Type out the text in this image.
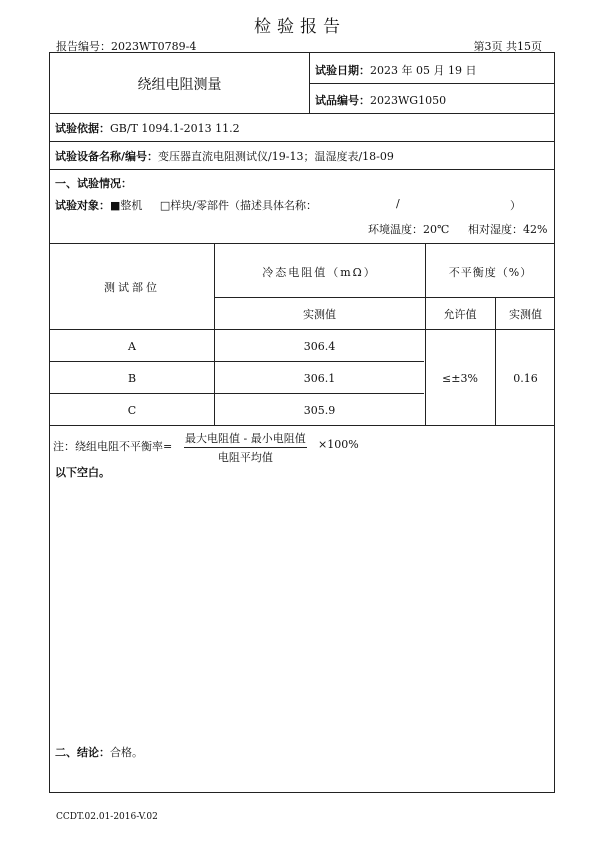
检验报告
报告编号：2023WT0789-4	第3页 共15页
绕组电阻测量
试验日期：2023 年 05 月 19 日
试品编号：2023WG1050
试验依据：GB/T 1094.1-2013 11.2
试验设备名称/编号：变压器直流电阻测试仪/19-13；温湿度表/18-09
一、试验情况：
试验对象：■整机 □样块/零部件（描述具体名称：	/	）
环境温度：20℃ 相对湿度：42%
测试部位
冷态电阻值（mΩ）	不平衡度（%）
实测值	允许值	实测值
A	306.4
B	306.1
C	305.9
≤±3%	0.16
注：绕组电阻不平衡率=
最大电阻值 - 最小电阻值
电阻平均值
×100%
以下空白。
二、结论：合格。
CCDT.02.01-2016-V.02
